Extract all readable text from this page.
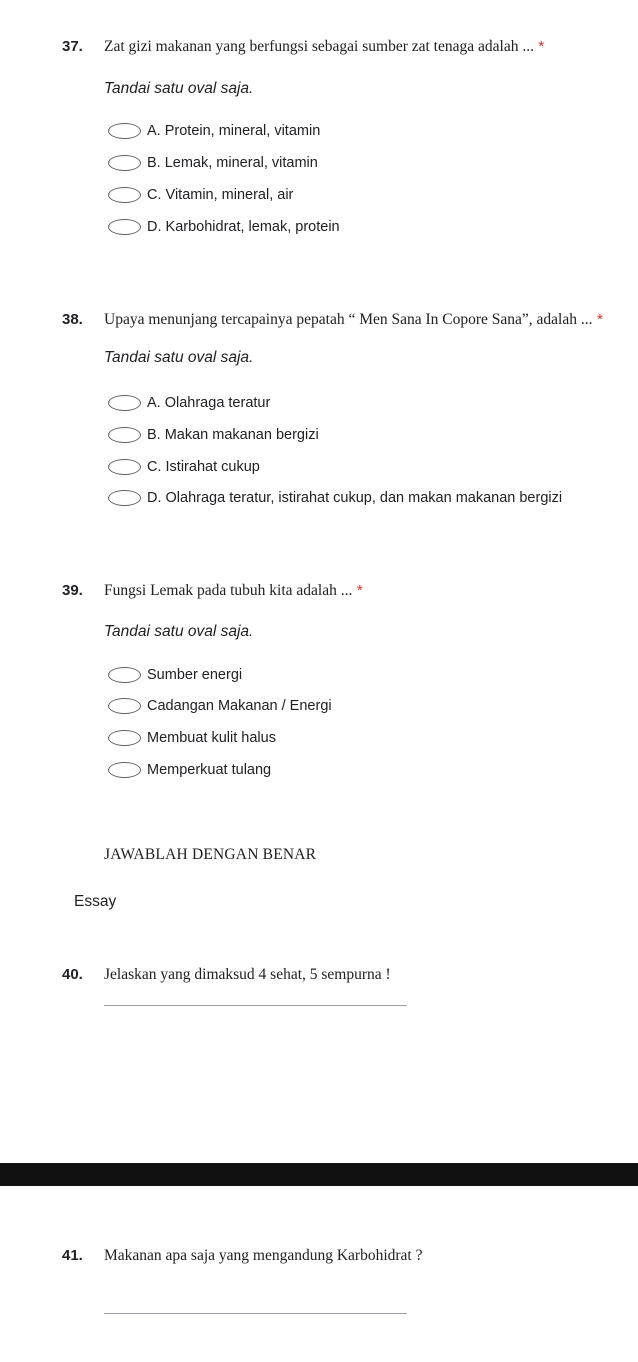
37. Zat gizi makanan yang berfungsi sebagai sumber zat tenaga adalah ... *
Tandai satu oval saja.
A. Protein, mineral, vitamin
B. Lemak, mineral, vitamin
C. Vitamin, mineral, air
D. Karbohidrat, lemak, protein
38. Upaya menunjang tercapainya pepatah “ Men Sana In Copore Sana”, adalah ... *
Tandai satu oval saja.
A. Olahraga teratur
B. Makan makanan bergizi
C. Istirahat cukup
D. Olahraga teratur, istirahat cukup, dan makan makanan bergizi
39. Fungsi Lemak pada tubuh kita adalah ... *
Tandai satu oval saja.
Sumber energi
Cadangan Makanan / Energi
Membuat kulit halus
Memperkuat tulang
JAWABLAH DENGAN BENAR
Essay
40. Jelaskan yang dimaksud 4 sehat, 5 sempurna !
41. Makanan apa saja yang mengandung Karbohidrat ?
